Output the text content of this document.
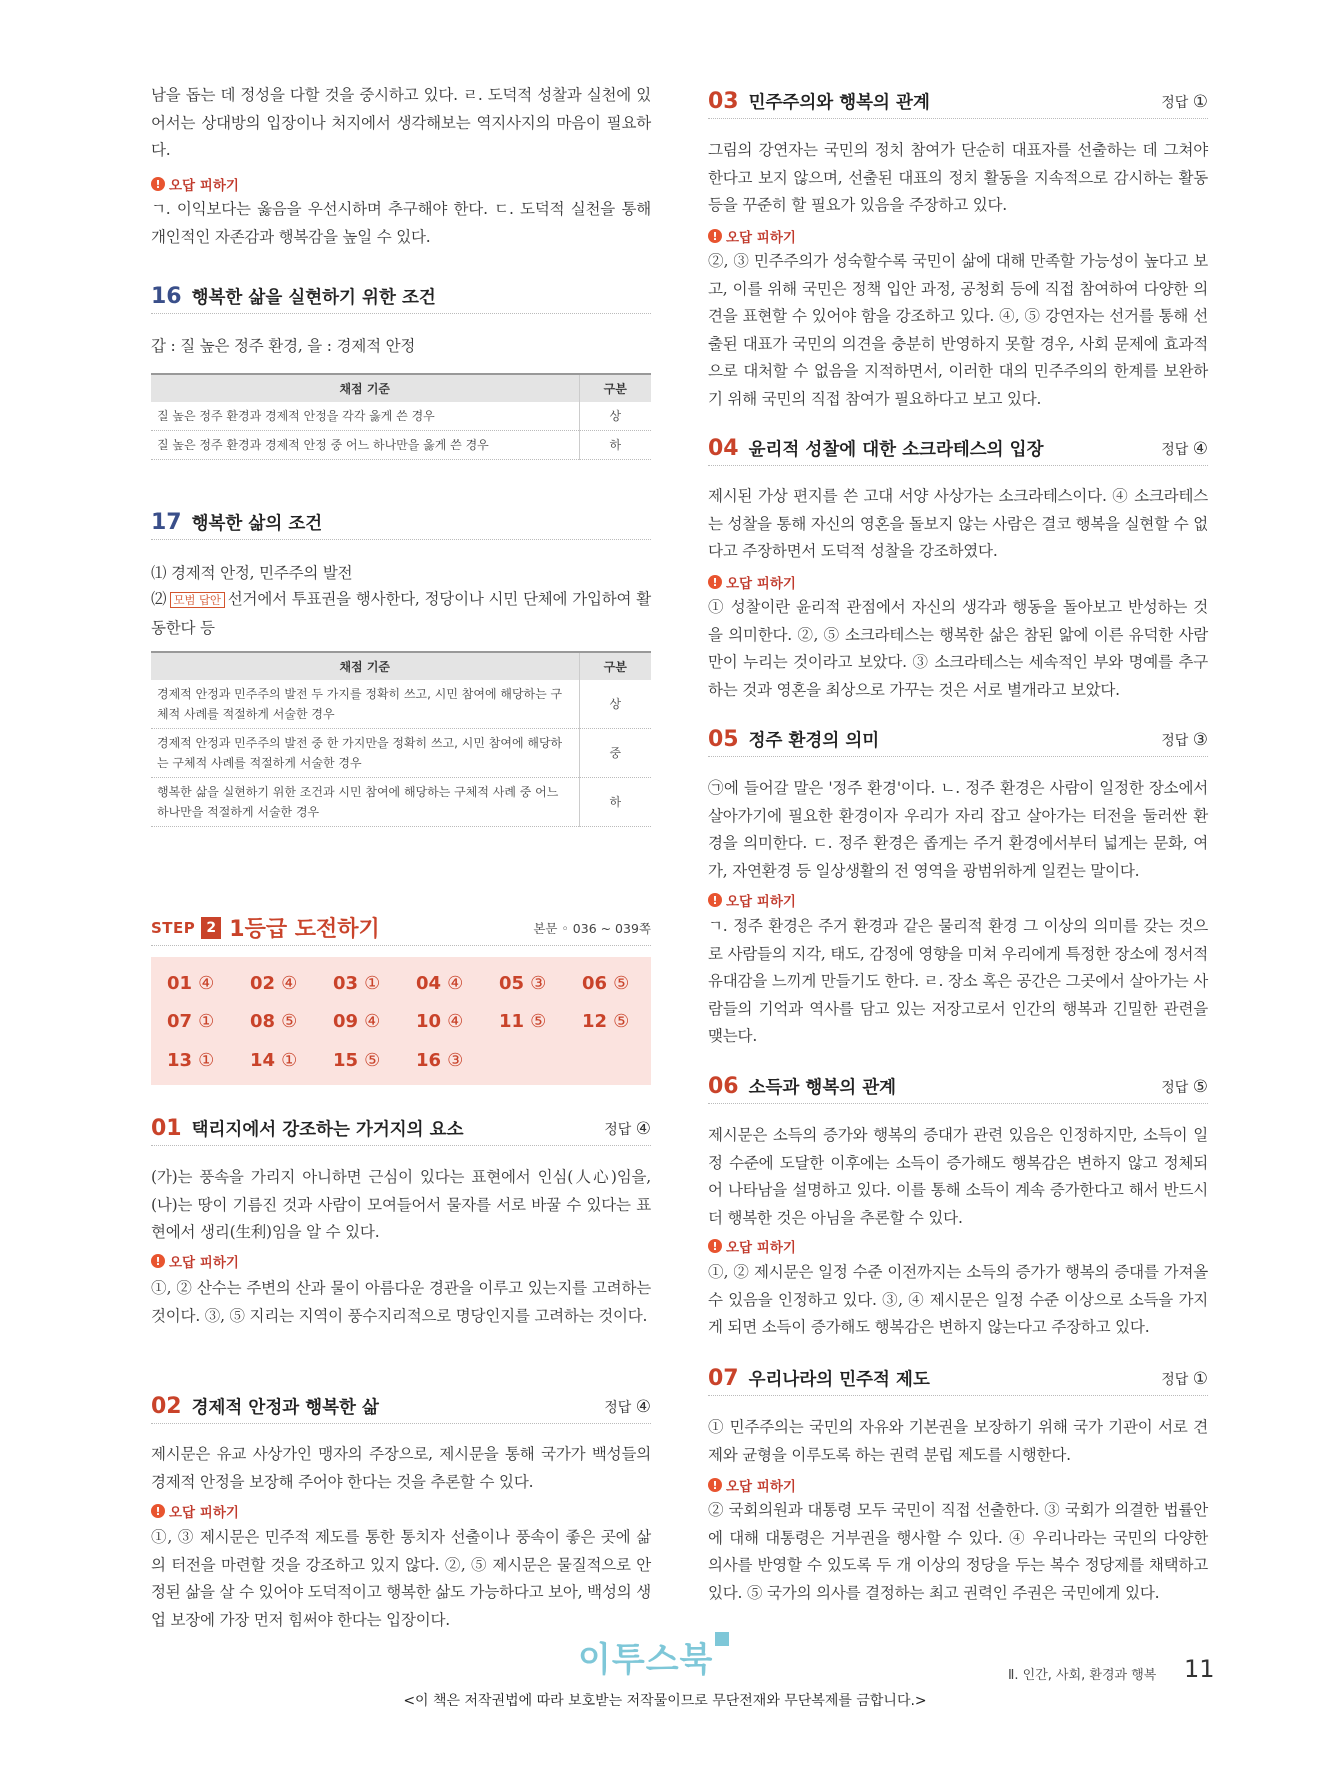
남을 돕는 데 정성을 다할 것을 중시하고 있다. ㄹ. 도덕적 성찰과 실천에 있어서는 상대방의 입장이나 처지에서 생각해보는 역지사지의 마음이 필요하다.

! 오답 피하기

ㄱ. 이익보다는 옳음을 우선시하며 추구해야 한다. ㄷ. 도덕적 실천을 통해 개인적인 자존감과 행복감을 높일 수 있다.

16 행복한 삶을 실현하기 위한 조건

갑 : 질 높은 정주 환경, 을 : 경제적 안정

채점 기준	구분
질 높은 정주 환경과 경제적 안정을 각각 옳게 쓴 경우	상
질 높은 정주 환경과 경제적 안정 중 어느 하나만을 옳게 쓴 경우	하
17 행복한 삶의 조건

⑴ 경제적 안정, 민주주의 발전

⑵ 모범 답안 선거에서 투표권을 행사한다, 정당이나 시민 단체에 가입하여 활동한다 등

채점 기준	구분
경제적 안정과 민주주의 발전 두 가지를 정확히 쓰고, 시민 참여에 해당하는 구체적 사례를 적절하게 서술한 경우	상
경제적 안정과 민주주의 발전 중 한 가지만을 정확히 쓰고, 시민 참여에 해당하는 구체적 사례를 적절하게 서술한 경우	중
행복한 삶을 실현하기 위한 조건과 시민 참여에 해당하는 구체적 사례 중 어느 하나만을 적절하게 서술한 경우	하
STEP 2 1등급 도전하기	본문 ◦ 036 ~ 039쪽
01 ④ 02 ④ 03 ① 04 ④ 05 ③ 06 ⑤
07 ① 08 ⑤ 09 ④ 10 ④ 11 ⑤ 12 ⑤
13 ① 14 ① 15 ⑤ 16 ③
01 택리지에서 강조하는 가거지의 요소	정답 ④

(가)는 풍속을 가리지 아니하면 근심이 있다는 표현에서 인심(人心)임을, (나)는 땅이 기름진 것과 사람이 모여들어서 물자를 서로 바꿀 수 있다는 표현에서 생리(生利)임을 알 수 있다.

! 오답 피하기

①, ② 산수는 주변의 산과 물이 아름다운 경관을 이루고 있는지를 고려하는 것이다. ③, ⑤ 지리는 지역이 풍수지리적으로 명당인지를 고려하는 것이다.

02 경제적 안정과 행복한 삶	정답 ④

제시문은 유교 사상가인 맹자의 주장으로, 제시문을 통해 국가가 백성들의 경제적 안정을 보장해 주어야 한다는 것을 추론할 수 있다.

! 오답 피하기

①, ③ 제시문은 민주적 제도를 통한 통치자 선출이나 풍속이 좋은 곳에 삶의 터전을 마련할 것을 강조하고 있지 않다. ②, ⑤ 제시문은 물질적으로 안정된 삶을 살 수 있어야 도덕적이고 행복한 삶도 가능하다고 보아, 백성의 생업 보장에 가장 먼저 힘써야 한다는 입장이다.

03 민주주의와 행복의 관계	정답 ①

그림의 강연자는 국민의 정치 참여가 단순히 대표자를 선출하는 데 그쳐야 한다고 보지 않으며, 선출된 대표의 정치 활동을 지속적으로 감시하는 활동 등을 꾸준히 할 필요가 있음을 주장하고 있다.

! 오답 피하기

②, ③ 민주주의가 성숙할수록 국민이 삶에 대해 만족할 가능성이 높다고 보고, 이를 위해 국민은 정책 입안 과정, 공청회 등에 직접 참여하여 다양한 의견을 표현할 수 있어야 함을 강조하고 있다. ④, ⑤ 강연자는 선거를 통해 선출된 대표가 국민의 의견을 충분히 반영하지 못할 경우, 사회 문제에 효과적으로 대처할 수 없음을 지적하면서, 이러한 대의 민주주의의 한계를 보완하기 위해 국민의 직접 참여가 필요하다고 보고 있다.

04 윤리적 성찰에 대한 소크라테스의 입장	정답 ④

제시된 가상 편지를 쓴 고대 서양 사상가는 소크라테스이다. ④ 소크라테스는 성찰을 통해 자신의 영혼을 돌보지 않는 사람은 결코 행복을 실현할 수 없다고 주장하면서 도덕적 성찰을 강조하였다.

! 오답 피하기

① 성찰이란 윤리적 관점에서 자신의 생각과 행동을 돌아보고 반성하는 것을 의미한다. ②, ⑤ 소크라테스는 행복한 삶은 참된 앎에 이른 유덕한 사람만이 누리는 것이라고 보았다. ③ 소크라테스는 세속적인 부와 명예를 추구하는 것과 영혼을 최상으로 가꾸는 것은 서로 별개라고 보았다.

05 정주 환경의 의미	정답 ③

㉠에 들어갈 말은 '정주 환경'이다. ㄴ. 정주 환경은 사람이 일정한 장소에서 살아가기에 필요한 환경이자 우리가 자리 잡고 살아가는 터전을 둘러싼 환경을 의미한다. ㄷ. 정주 환경은 좁게는 주거 환경에서부터 넓게는 문화, 여가, 자연환경 등 일상생활의 전 영역을 광범위하게 일컫는 말이다.

! 오답 피하기

ㄱ. 정주 환경은 주거 환경과 같은 물리적 환경 그 이상의 의미를 갖는 것으로 사람들의 지각, 태도, 감정에 영향을 미쳐 우리에게 특정한 장소에 정서적 유대감을 느끼게 만들기도 한다. ㄹ. 장소 혹은 공간은 그곳에서 살아가는 사람들의 기억과 역사를 담고 있는 저장고로서 인간의 행복과 긴밀한 관련을 맺는다.

06 소득과 행복의 관계	정답 ⑤

제시문은 소득의 증가와 행복의 증대가 관련 있음은 인정하지만, 소득이 일정 수준에 도달한 이후에는 소득이 증가해도 행복감은 변하지 않고 정체되어 나타남을 설명하고 있다. 이를 통해 소득이 계속 증가한다고 해서 반드시 더 행복한 것은 아님을 추론할 수 있다.

! 오답 피하기

①, ② 제시문은 일정 수준 이전까지는 소득의 증가가 행복의 증대를 가져올 수 있음을 인정하고 있다. ③, ④ 제시문은 일정 수준 이상으로 소득을 가지게 되면 소득이 증가해도 행복감은 변하지 않는다고 주장하고 있다.

07 우리나라의 민주적 제도	정답 ①

① 민주주의는 국민의 자유와 기본권을 보장하기 위해 국가 기관이 서로 견제와 균형을 이루도록 하는 권력 분립 제도를 시행한다.

! 오답 피하기

② 국회의원과 대통령 모두 국민이 직접 선출한다. ③ 국회가 의결한 법률안에 대해 대통령은 거부권을 행사할 수 있다. ④ 우리나라는 국민의 다양한 의사를 반영할 수 있도록 두 개 이상의 정당을 두는 복수 정당제를 채택하고 있다. ⑤ 국가의 의사를 결정하는 최고 권력인 주권은 국민에게 있다.

이투스북	Ⅱ. 인간, 사회, 환경과 행복 11
<이 책은 저작권법에 따라 보호받는 저작물이므로 무단전재와 무단복제를 금합니다.>
